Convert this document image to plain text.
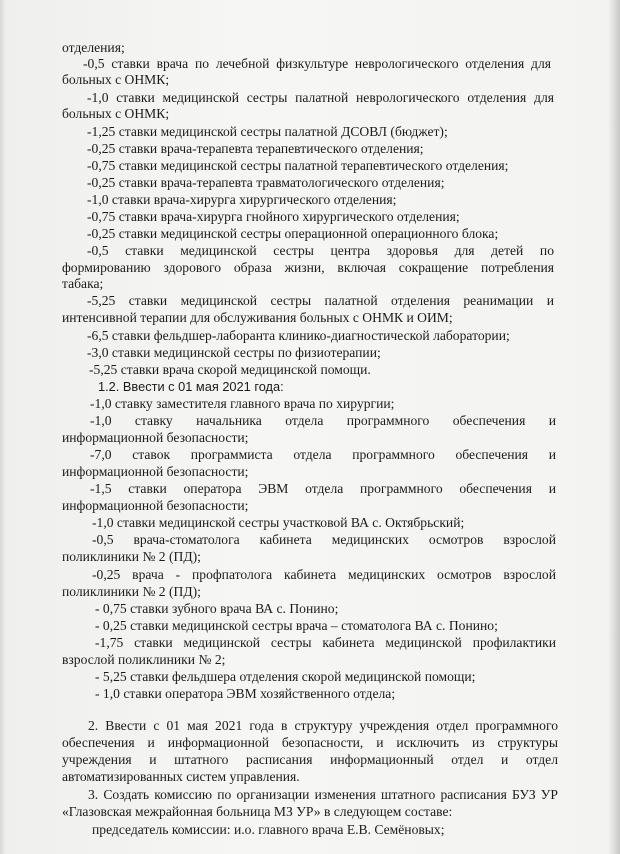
отделения;
-0,5 ставки врача по лечебной физкультуре неврологического отделения для
больных с ОНМК;
-1,0 ставки медицинской сестры палатной неврологического отделения для
больных с ОНМК;
-1,25 ставки медицинской сестры палатной ДСОВЛ (бюджет);
-0,25 ставки врача-терапевта терапевтического отделения;
-0,75 ставки медицинской сестры палатной терапевтического отделения;
-0,25 ставки врача-терапевта травматологического отделения;
-1,0 ставки врача-хирурга хирургического отделения;
-0,75 ставки врача-хирурга гнойного хирургического отделения;
-0,25 ставки медицинской сестры операционной операционного блока;
-0,5 ставки медицинской сестры центра здоровья для детей по
формированию здорового образа жизни, включая сокращение потребления
табака;
-5,25 ставки медицинской сестры палатной отделения реанимации и
интенсивной терапии для обслуживания больных с ОНМК и ОИМ;
-6,5 ставки фельдшер-лаборанта клинико-диагностической лаборатории;
-3,0 ставки медицинской сестры по физиотерапии;
-5,25 ставки врача скорой медицинской помощи.
1.2. Ввести с 01 мая 2021 года:
-1,0 ставку заместителя главного врача по хирургии;
-1,0 ставку начальника отдела программного обеспечения и
информационной безопасности;
-7,0 ставок программиста отдела программного обеспечения и
информационной безопасности;
-1,5 ставки оператора ЭВМ отдела программного обеспечения и
информационной безопасности;
-1,0 ставки медицинской сестры участковой ВА с. Октябрьский;
-0,5 врача-стоматолога кабинета медицинских осмотров взрослой
поликлиники № 2 (ПД);
-0,25 врача - профпатолога кабинета медицинских осмотров взрослой
поликлиники № 2 (ПД);
- 0,75 ставки зубного врача ВА с. Понино;
- 0,25 ставки медицинской сестры врача – стоматолога ВА с. Понино;
-1,75 ставки медицинской сестры кабинета медицинской профилактики
взрослой поликлиники № 2;
- 5,25 ставки фельдшера отделения скорой медицинской помощи;
- 1,0 ставки оператора ЭВМ хозяйственного отдела;
2. Ввести с 01 мая 2021 года в структуру учреждения отдел программного
обеспечения и информационной безопасности, и исключить из структуры
учреждения и штатного расписания информационный отдел и отдел
автоматизированных систем управления.
3. Создать комиссию по организации изменения штатного расписания БУЗ УР
«Глазовская межрайонная больница МЗ УР» в следующем составе:
председатель комиссии: и.о. главного врача Е.В. Семёновых;
